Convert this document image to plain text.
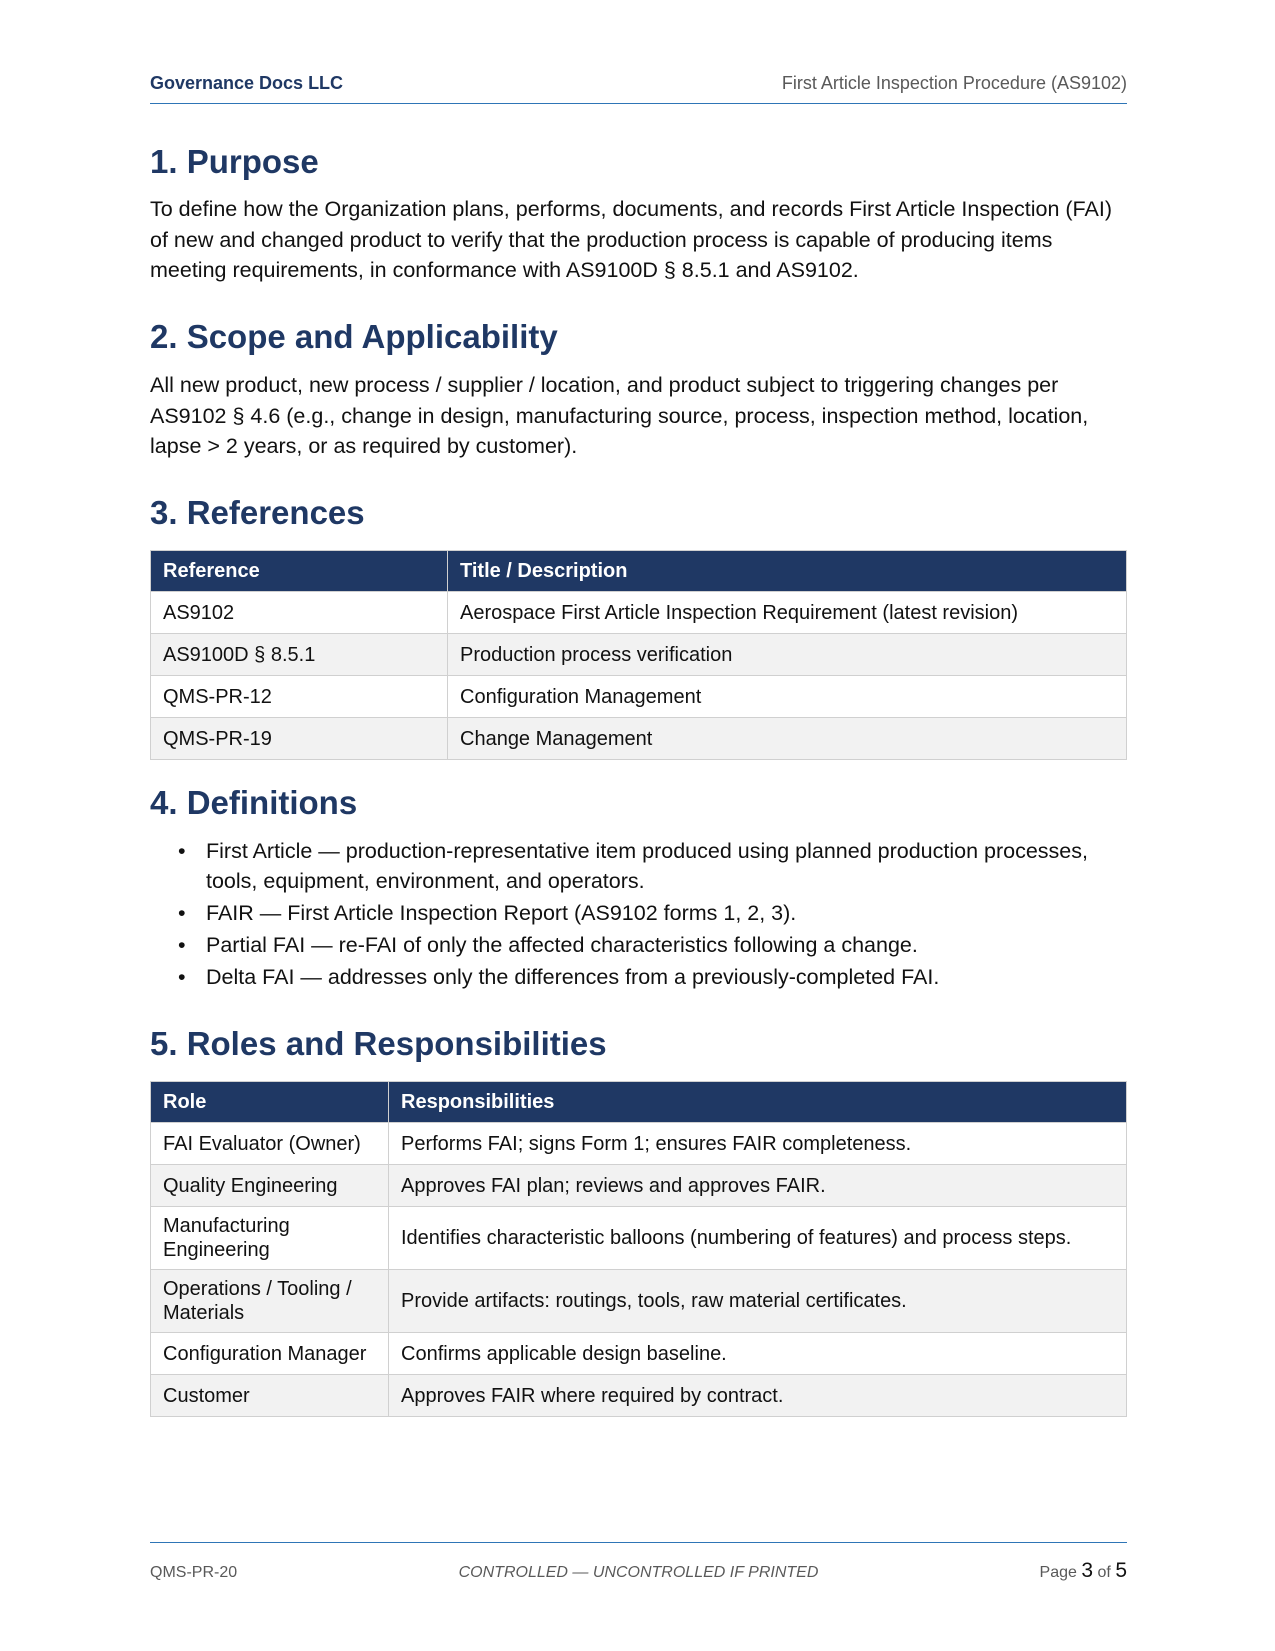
Governance Docs LLC	First Article Inspection Procedure (AS9102)
1. Purpose

To define how the Organization plans, performs, documents, and records First Article Inspection (FAI) of new and changed product to verify that the production process is capable of producing items meeting requirements, in conformance with AS9100D § 8.5.1 and AS9102.

2. Scope and Applicability

All new product, new process / supplier / location, and product subject to triggering changes per AS9102 § 4.6 (e.g., change in design, manufacturing source, process, inspection method, location, lapse > 2 years, or as required by customer).

3. References
Reference	Title / Description
AS9102	Aerospace First Article Inspection Requirement (latest revision)
AS9100D § 8.5.1	Production process verification
QMS-PR-12	Configuration Management
QMS-PR-19	Change Management
4. Definitions
• First Article — production-representative item produced using planned production processes, tools, equipment, environment, and operators.
• FAIR — First Article Inspection Report (AS9102 forms 1, 2, 3).
• Partial FAI — re-FAI of only the affected characteristics following a change.
• Delta FAI — addresses only the differences from a previously-completed FAI.
5. Roles and Responsibilities
Role	Responsibilities
FAI Evaluator (Owner)	Performs FAI; signs Form 1; ensures FAIR completeness.
Quality Engineering	Approves FAI plan; reviews and approves FAIR.
Manufacturing Engineering	Identifies characteristic balloons (numbering of features) and process steps.
Operations / Tooling / Materials	Provide artifacts: routings, tools, raw material certificates.
Configuration Manager	Confirms applicable design baseline.
Customer	Approves FAIR where required by contract.
QMS-PR-20	CONTROLLED — UNCONTROLLED IF PRINTED	Page 3 of 5
